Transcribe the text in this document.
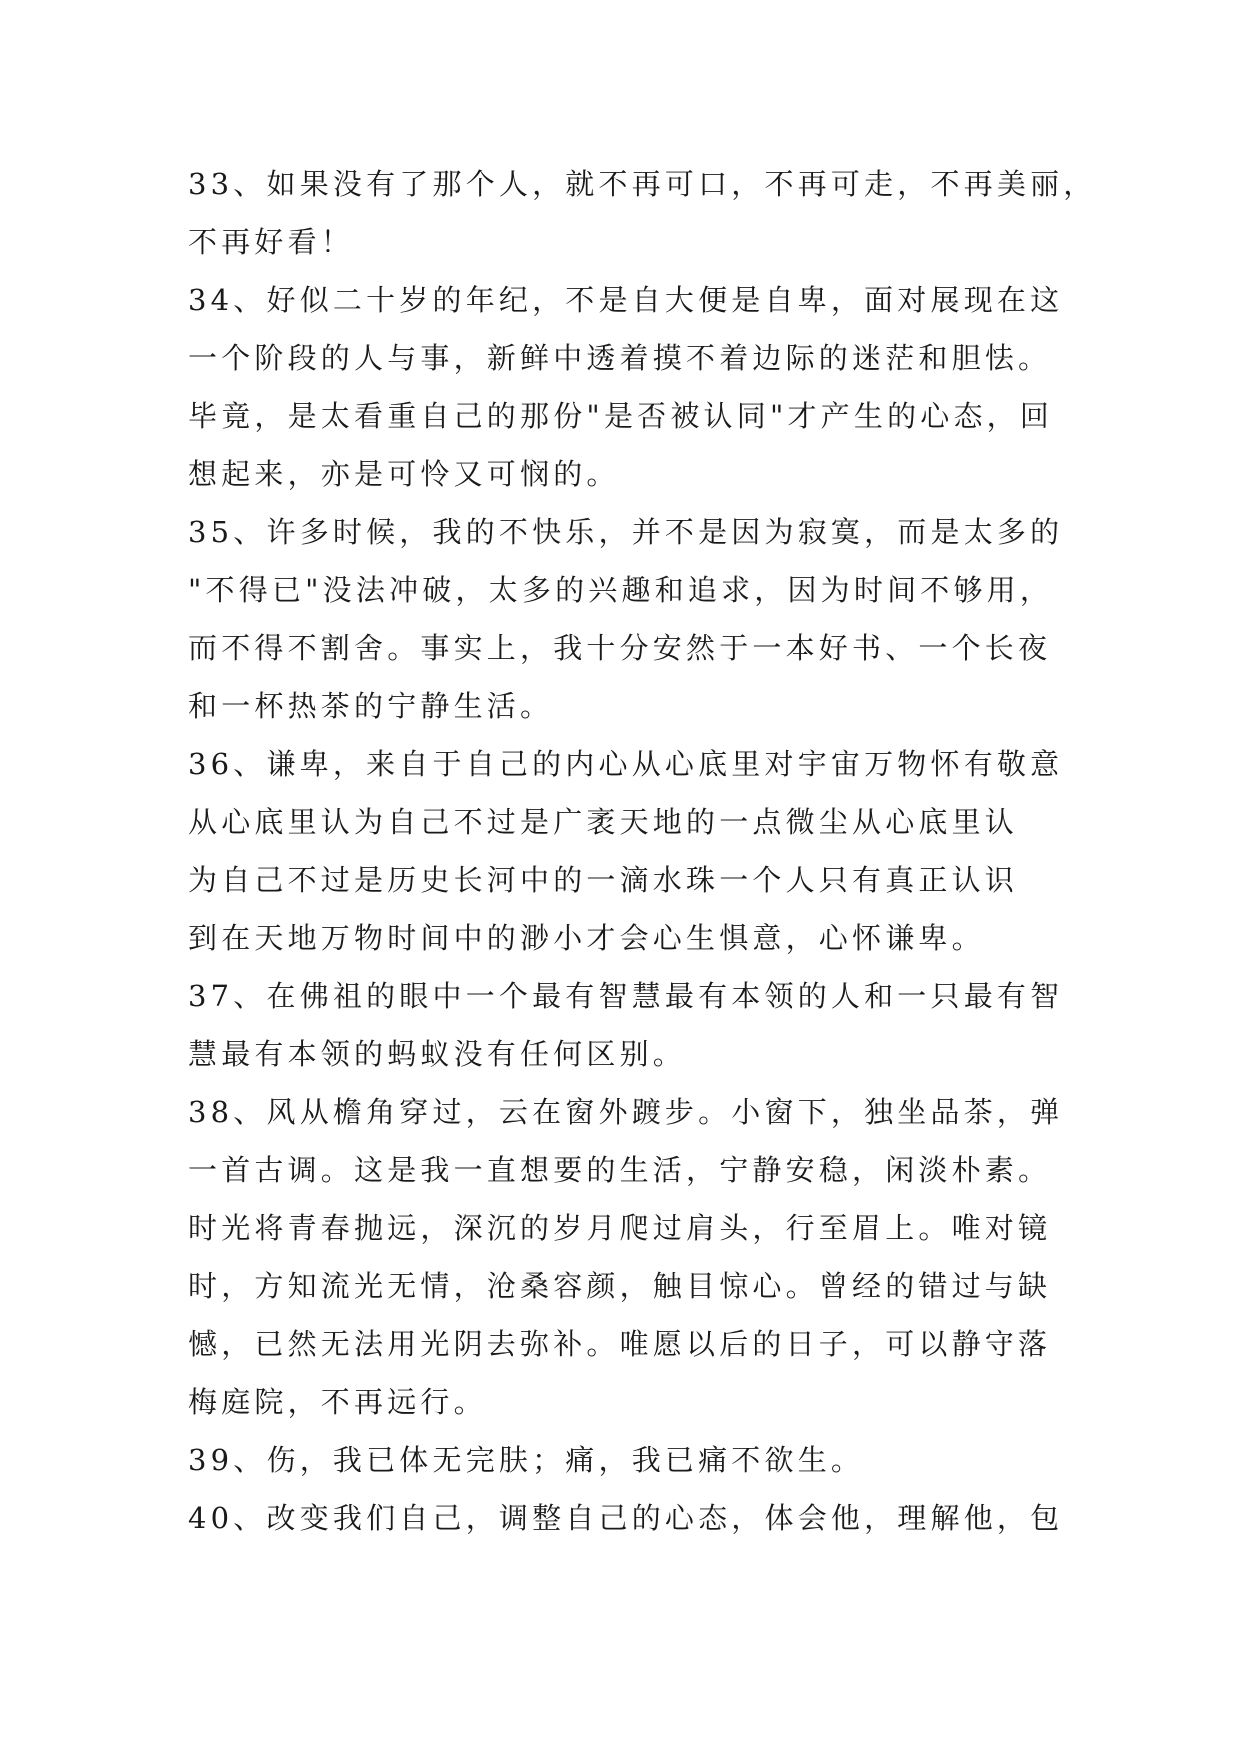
33、如果没有了那个人，就不再可口，不再可走，不再美丽，
不再好看！
34、好似二十岁的年纪，不是自大便是自卑，面对展现在这
一个阶段的人与事，新鲜中透着摸不着边际的迷茫和胆怯。
毕竟，是太看重自己的那份"是否被认同"才产生的心态，回
想起来，亦是可怜又可悯的。
35、许多时候，我的不快乐，并不是因为寂寞，而是太多的
"不得已"没法冲破，太多的兴趣和追求，因为时间不够用，
而不得不割舍。事实上，我十分安然于一本好书、一个长夜
和一杯热茶的宁静生活。
36、谦卑，来自于自己的内心从心底里对宇宙万物怀有敬意
从心底里认为自己不过是广袤天地的一点微尘从心底里认
为自己不过是历史长河中的一滴水珠一个人只有真正认识
到在天地万物时间中的渺小才会心生惧意，心怀谦卑。
37、在佛祖的眼中一个最有智慧最有本领的人和一只最有智
慧最有本领的蚂蚁没有任何区别。
38、风从檐角穿过，云在窗外踱步。小窗下，独坐品茶，弹
一首古调。这是我一直想要的生活，宁静安稳，闲淡朴素。
时光将青春抛远，深沉的岁月爬过肩头，行至眉上。唯对镜
时，方知流光无情，沧桑容颜，触目惊心。曾经的错过与缺
憾，已然无法用光阴去弥补。唯愿以后的日子，可以静守落
梅庭院，不再远行。
39、伤，我已体无完肤；痛，我已痛不欲生。
40、改变我们自己，调整自己的心态，体会他，理解他，包
